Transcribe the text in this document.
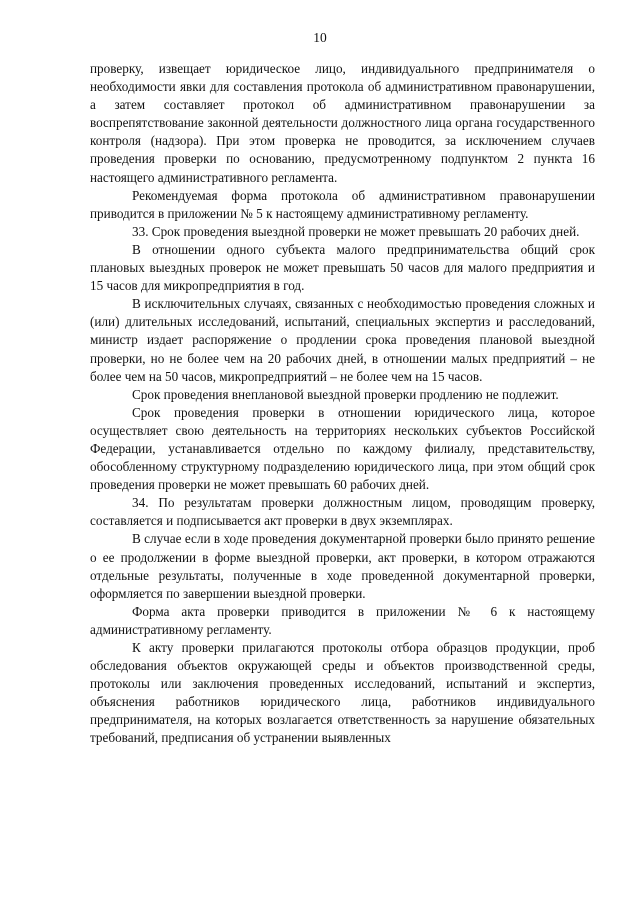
10

проверку, извещает юридическое лицо, индивидуального предпринимателя о необходимости явки для составления протокола об административном правонарушении, а затем составляет протокол об административном правонарушении за воспрепятствование законной деятельности должностного лица органа государственного контроля (надзора). При этом проверка не проводится, за исключением случаев проведения проверки по основанию, предусмотренному подпунктом 2 пункта 16 настоящего административного регламента.

Рекомендуемая форма протокола об административном правонарушении приводится в приложении № 5 к настоящему административному регламенту.

33. Срок проведения выездной проверки не может превышать 20 рабочих дней.

В отношении одного субъекта малого предпринимательства общий срок плановых выездных проверок не может превышать 50 часов для малого предприятия и 15 часов для микропредприятия в год.

В исключительных случаях, связанных с необходимостью проведения сложных и (или) длительных исследований, испытаний, специальных экспертиз и расследований, министр издает распоряжение о продлении срока проведения плановой выездной проверки, но не более чем на 20 рабочих дней, в отношении малых предприятий – не более чем на 50 часов, микропредприятий – не более чем на 15 часов.

Срок проведения внеплановой выездной проверки продлению не подлежит.

Срок проведения проверки в отношении юридического лица, которое осуществляет свою деятельность на территориях нескольких субъектов Российской Федерации, устанавливается отдельно по каждому филиалу, представительству, обособленному структурному подразделению юридического лица, при этом общий срок проведения проверки не может превышать 60 рабочих дней.

34. По результатам проверки должностным лицом, проводящим проверку, составляется и подписывается акт проверки в двух экземплярах.

В случае если в ходе проведения документарной проверки было принято решение о ее продолжении в форме выездной проверки, акт проверки, в котором отражаются отдельные результаты, полученные в ходе проведенной документарной проверки, оформляется по завершении выездной проверки.

Форма акта проверки приводится в приложении № 6 к настоящему административному регламенту.

К акту проверки прилагаются протоколы отбора образцов продукции, проб обследования объектов окружающей среды и объектов производственной среды, протоколы или заключения проведенных исследований, испытаний и экспертиз, объяснения работников юридического лица, работников индивидуального предпринимателя, на которых возлагается ответственность за нарушение обязательных требований, предписания об устранении выявленных
